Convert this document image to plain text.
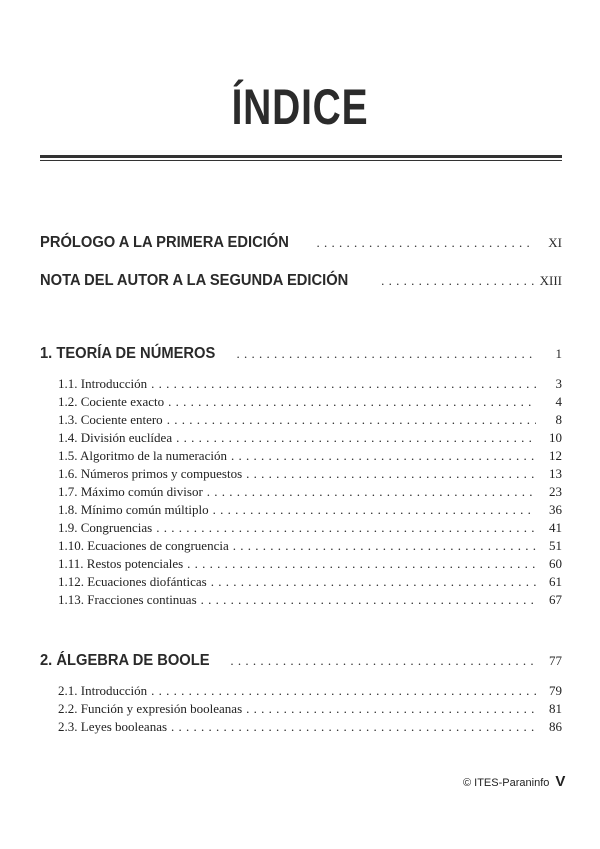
ÍNDICE
PRÓLOGO A LA PRIMERA EDICIÓN . . .	XI
NOTA DEL AUTOR A LA SEGUNDA EDICIÓN . . .	XIII
1. TEORÍA DE NÚMEROS . . .	1
1.1. Introducción . . .	3
1.2. Cociente exacto . . .	4
1.3. Cociente entero . . .	8
1.4. División euclídea . . .	10
1.5. Algoritmo de la numeración . . .	12
1.6. Números primos y compuestos . . .	13
1.7. Máximo común divisor . . .	23
1.8. Mínimo común múltiplo . . .	36
1.9. Congruencias . . .	41
1.10. Ecuaciones de congruencia . . .	51
1.11. Restos potenciales . . .	60
1.12. Ecuaciones diofánticas . . .	61
1.13. Fracciones continuas . . .	67
2. ÁLGEBRA DE BOOLE . . .	77
2.1. Introducción . . .	79
2.2. Función y expresión booleanas . . .	81
2.3. Leyes booleanas . . .	86
© ITES-Paraninfo V
